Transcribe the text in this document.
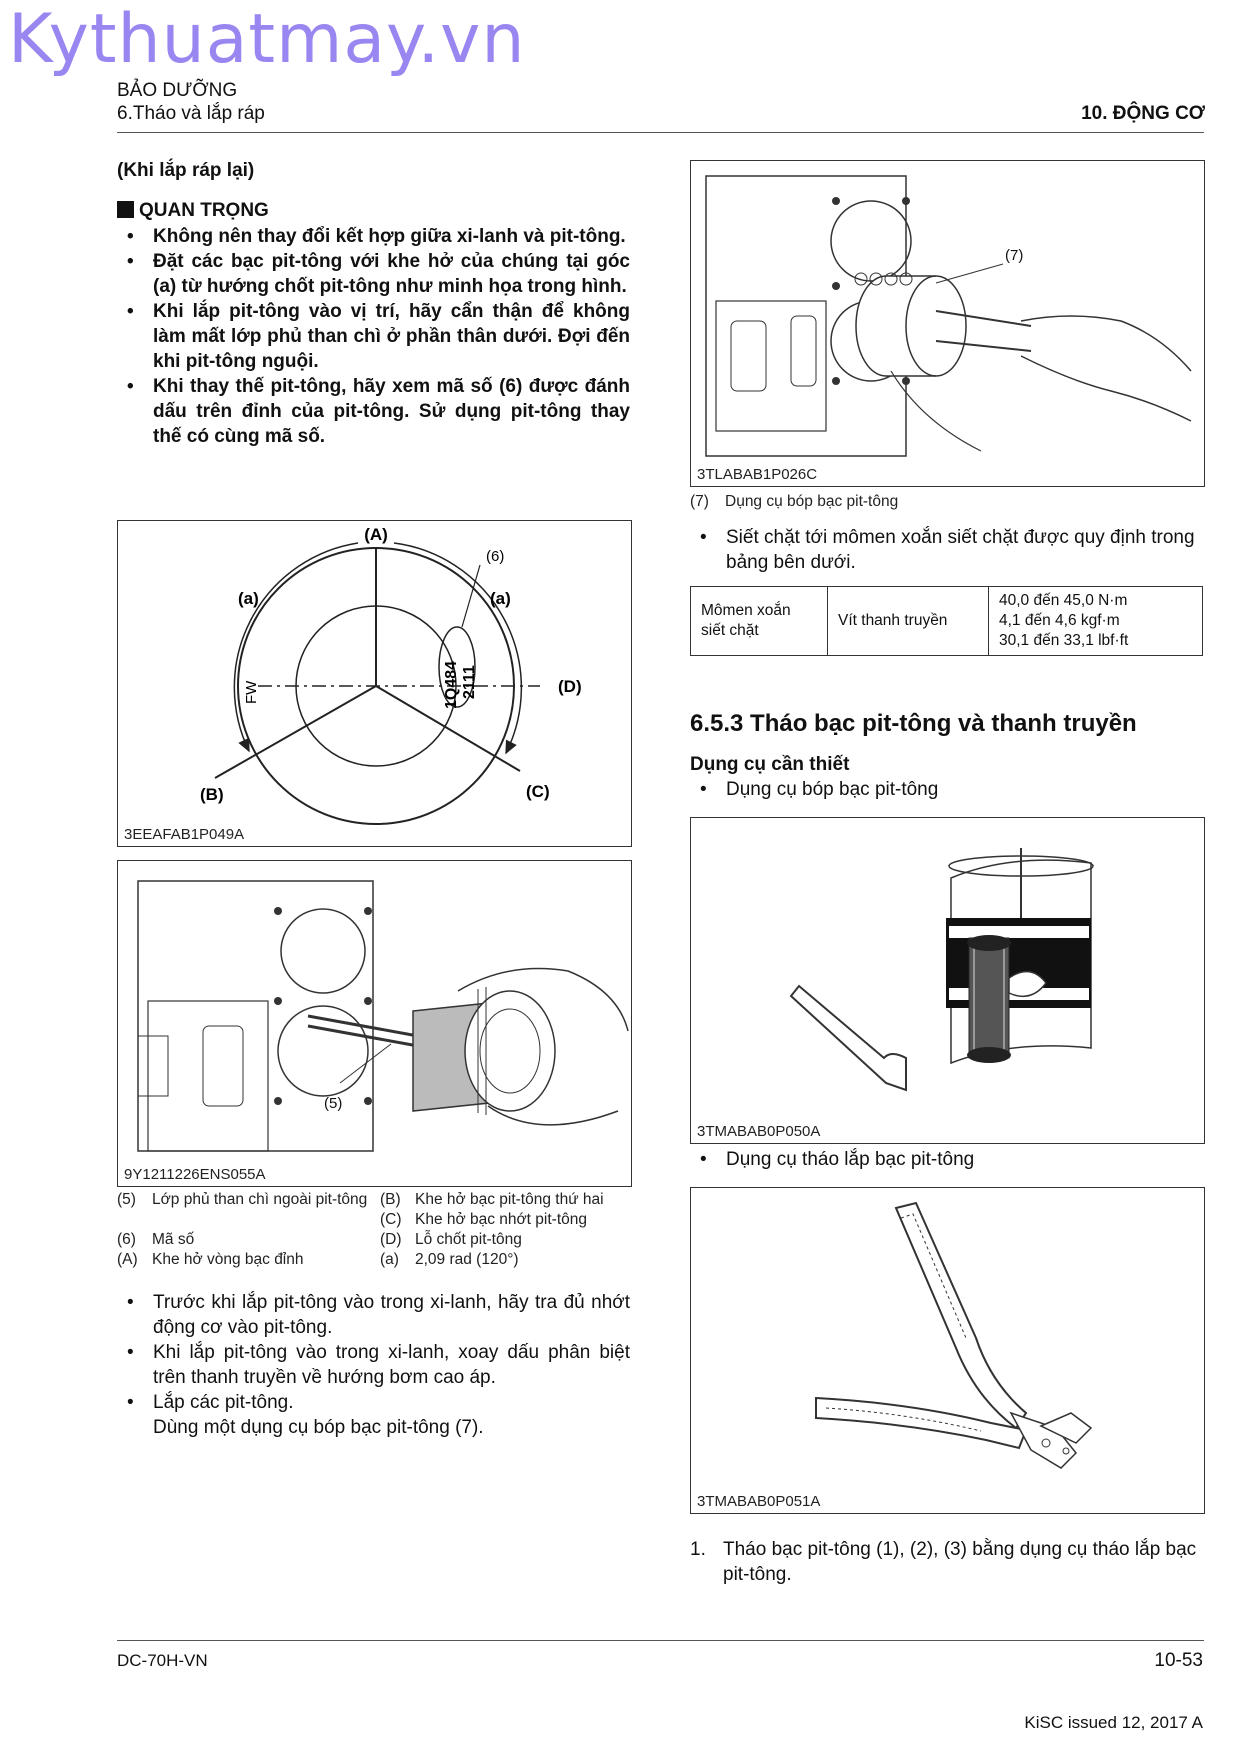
Kythuatmay.vn
BẢO DƯỠNG
6.Tháo và lắp ráp	10. ĐỘNG CƠ
(Khi lắp ráp lại)
QUAN TRỌNG
• Không nên thay đổi kết hợp giữa xi-lanh và pit-tông.
• Đặt các bạc pit-tông với khe hở của chúng tại góc (a) từ hướng chốt pit-tông như minh họa trong hình.
• Khi lắp pit-tông vào vị trí, hãy cẩn thận để không làm mất lớp phủ than chì ở phần thân dưới. Đợi đến khi pit-tông nguội.
• Khi thay thế pit-tông, hãy xem mã số (6) được đánh dấu trên đỉnh của pit-tông. Sử dụng pit-tông thay thế có cùng mã số.
(A)
(B)	(C)
(D)
(a)	(a)
(6)
FW	1Q484 2111
3EEAFAB1P049A
(5)
9Y1211226ENS055A
(5)	Lớp phủ than chì ngoài pit-tông	(B)	Khe hở bạc pit-tông thứ hai
		(C)	Khe hở bạc nhớt pit-tông
(6)	Mã số	(D)	Lỗ chốt pit-tông
(A)	Khe hở vòng bạc đỉnh	(a)	2,09 rad (120°)
• Trước khi lắp pit-tông vào trong xi-lanh, hãy tra đủ nhớt động cơ vào pit-tông.
• Khi lắp pit-tông vào trong xi-lanh, xoay dấu phân biệt trên thanh truyền về hướng bơm cao áp.
• Lắp các pit-tông.
Dùng một dụng cụ bóp bạc pit-tông (7).
(7)
3TLABAB1P026C
(7) Dụng cụ bóp bạc pit-tông
• Siết chặt tới mômen xoắn siết chặt được quy định trong bảng bên dưới.
Mômen xoắn siết chặt	Vít thanh truyền	
40,0 đến 45,0 N·m
4,1 đến 4,6 kgf·m
30,1 đến 33,1 lbf·ft
6.5.3 Tháo bạc pit-tông và thanh truyền
Dụng cụ cần thiết
• Dụng cụ bóp bạc pit-tông
3TMABAB0P050A
• Dụng cụ tháo lắp bạc pit-tông
3TMABAB0P051A
1. Tháo bạc pit-tông (1), (2), (3) bằng dụng cụ tháo lắp bạc pit-tông.
DC-70H-VN	10-53
KiSC issued 12, 2017 A
